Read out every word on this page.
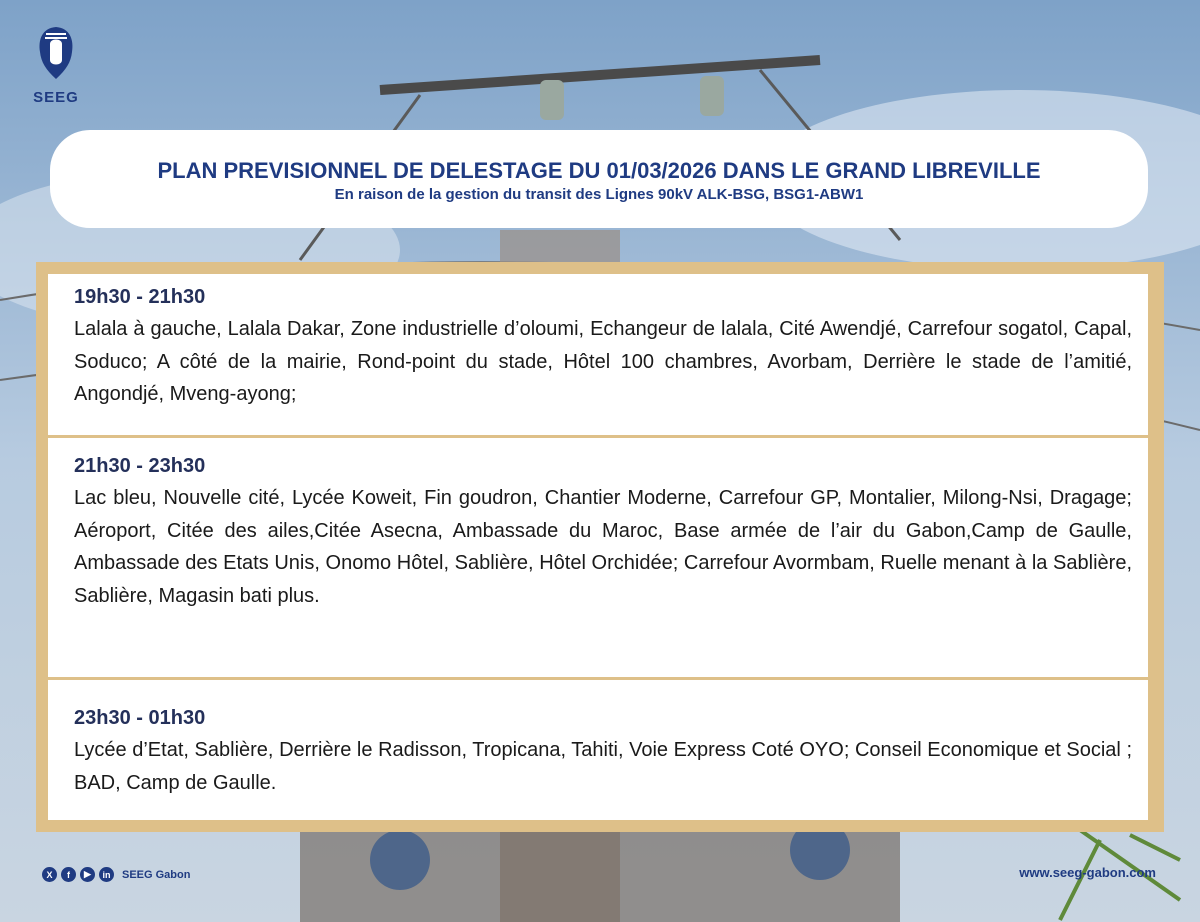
SEEG
PLAN PREVISIONNEL DE DELESTAGE DU 01/03/2026 DANS LE GRAND LIBREVILLE
En raison de la gestion du transit des Lignes 90kV ALK-BSG, BSG1-ABW1
19h30 - 21h30
Lalala à gauche, Lalala Dakar, Zone industrielle d’oloumi, Echangeur de lalala, Cité Awendjé, Carrefour sogatol, Capal, Soduco; A côté de la mairie, Rond-point du stade, Hôtel 100 chambres, Avorbam, Derrière le stade de l’amitié, Angondjé, Mveng-ayong;
21h30 - 23h30
Lac bleu, Nouvelle cité, Lycée Koweit, Fin goudron, Chantier Moderne, Carrefour GP, Montalier, Milong-Nsi, Dragage; Aéroport, Citée des ailes,Citée Asecna, Ambassade du Maroc, Base armée de l’air du Gabon,Camp de Gaulle, Ambassade des Etats Unis, Onomo Hôtel, Sablière, Hôtel Orchidée; Carrefour Avormbam, Ruelle menant à la Sablière, Sablière, Magasin bati plus.
23h30 - 01h30
Lycée d’Etat, Sablière, Derrière le Radisson, Tropicana, Tahiti, Voie Express Coté OYO; Conseil Economique et Social ; BAD, Camp de Gaulle.
X	f	▶	in	SEEG Gabon	www.seeg-gabon.com
